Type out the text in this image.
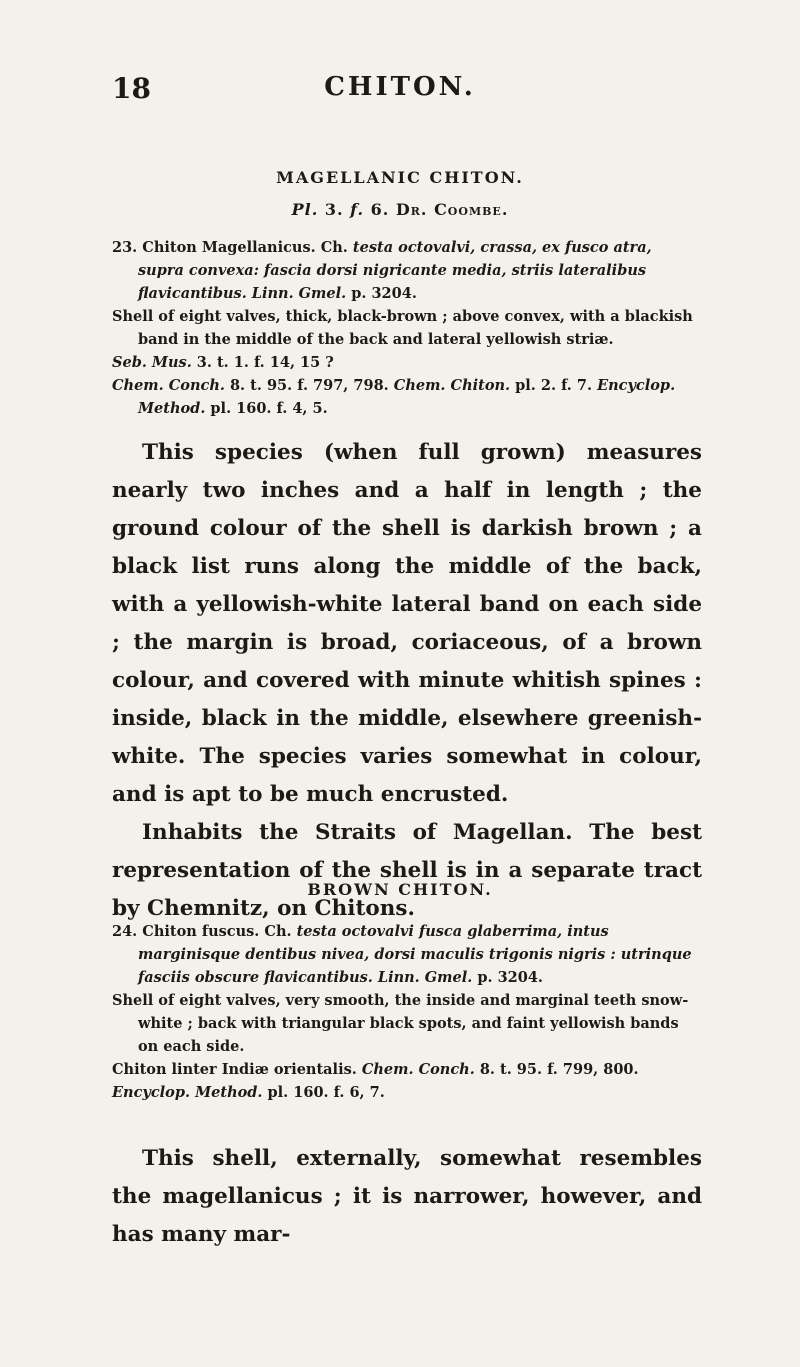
18	CHITON.
MAGELLANIC CHITON.
Pl. 3. f. 6. Dr. Coombe.

23. Chiton Magellanicus. Ch. testa octovalvi, crassa, ex fusco atra, supra convexa: fascia dorsi nigricante media, striis lateralibus flavicantibus. Linn. Gmel. p. 3204.

Shell of eight valves, thick, black-brown ; above convex, with a blackish band in the middle of the back and lateral yellowish striæ.

Seb. Mus. 3. t. 1. f. 14, 15 ?

Chem. Conch. 8. t. 95. f. 797, 798. Chem. Chiton. pl. 2. f. 7. Encyclop. Method. pl. 160. f. 4, 5.

This species (when full grown) measures nearly two inches and a half in length ; the ground colour of the shell is darkish brown ; a black list runs along the middle of the back, with a yellowish-white lateral band on each side ; the margin is broad, coriaceous, of a brown colour, and covered with minute whitish spines : inside, black in the middle, elsewhere greenish-white. The species varies somewhat in colour, and is apt to be much encrusted.

Inhabits the Straits of Magellan. The best representation of the shell is in a separate tract by Chemnitz, on Chitons.

BROWN CHITON.

24. Chiton fuscus. Ch. testa octovalvi fusca glaberrima, intus marginisque dentibus nivea, dorsi maculis trigonis nigris : utrinque fasciis obscure flavicantibus. Linn. Gmel. p. 3204.

Shell of eight valves, very smooth, the inside and marginal teeth snow-white ; back with triangular black spots, and faint yellowish bands on each side.

Chiton linter Indiæ orientalis. Chem. Conch. 8. t. 95. f. 799, 800.

Encyclop. Method. pl. 160. f. 6, 7.

This shell, externally, somewhat resembles the magellanicus ; it is narrower, however, and has many mar-
